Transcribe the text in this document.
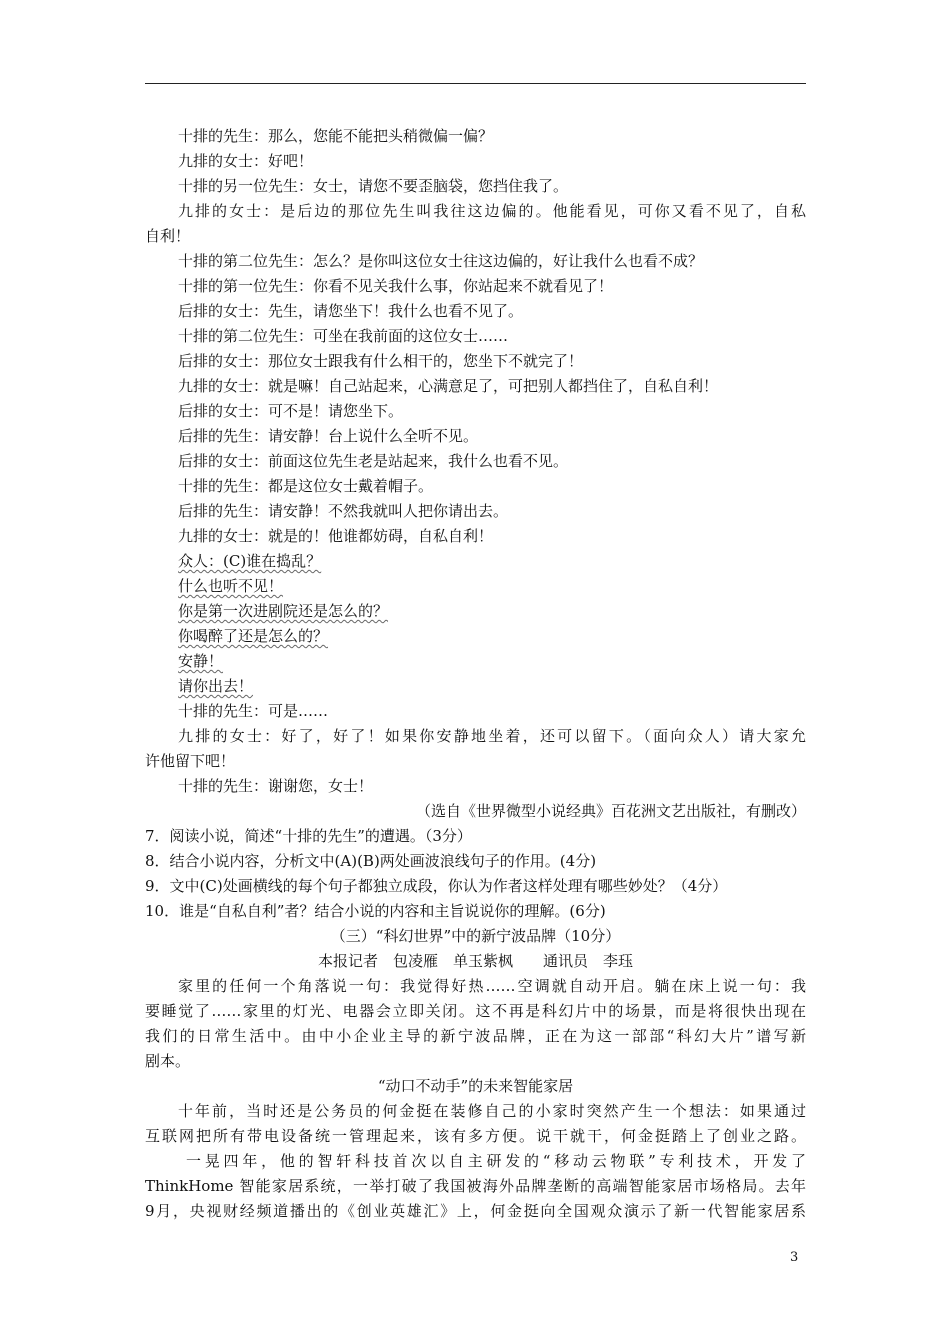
十排的先生：那么，您能不能把头稍微偏一偏？
九排的女士：好吧！
十排的另一位先生：女士，请您不要歪脑袋，您挡住我了。
九排的女士：是后边的那位先生叫我往这边偏的。他能看见，可你又看不见了，自私
自利！
十排的第二位先生：怎么？是你叫这位女士往这边偏的，好让我什么也看不成？
十排的第一位先生：你看不见关我什么事，你站起来不就看见了！
后排的女士：先生，请您坐下！我什么也看不见了。
十排的第二位先生：可坐在我前面的这位女士……
后排的女士：那位女士跟我有什么相干的，您坐下不就完了！
九排的女士：就是嘛！自己站起来，心满意足了，可把别人都挡住了，自私自利！
后排的女士：可不是！请您坐下。
后排的先生：请安静！台上说什么全听不见。
后排的女士：前面这位先生老是站起来，我什么也看不见。
十排的先生：都是这位女士戴着帽子。
后排的先生：请安静！不然我就叫人把你请出去。
九排的女士：就是的！他谁都妨碍，自私自利！
众人：(C)谁在捣乱？
什么也听不见！
你是第一次进剧院还是怎么的？
你喝醉了还是怎么的？
安静！
请你出去！
十排的先生：可是……
九排的女士：好了，好了！如果你安静地坐着，还可以留下。（面向众人）请大家允
许他留下吧！
十排的先生：谢谢您，女士！
（选自《世界微型小说经典》百花洲文艺出版社，有删改）
7．阅读小说，简述“十排的先生”的遭遇。（3分）
8．结合小说内容，分析文中(A)(B)两处画波浪线句子的作用。(4分)
9．文中(C)处画横线的每个句子都独立成段，你认为作者这样处理有哪些妙处？（4分）
10．谁是“自私自利”者？结合小说的内容和主旨说说你的理解。(6分)
（三）“科幻世界”中的新宁波品牌（10分）
本报记者　包凌雁　单玉紫枫　　通讯员　李珏
家里的任何一个角落说一句：我觉得好热……空调就自动开启。躺在床上说一句：我
要睡觉了……家里的灯光、电器会立即关闭。这不再是科幻片中的场景，而是将很快出现在
我们的日常生活中。由中小企业主导的新宁波品牌，正在为这一部部“科幻大片”谱写新
剧本。
“动口不动手”的未来智能家居
十年前，当时还是公务员的何金挺在装修自己的小家时突然产生一个想法：如果通过
互联网把所有带电设备统一管理起来，该有多方便。说干就干，何金挺踏上了创业之路。
一晃四年，他的智轩科技首次以自主研发的“移动云物联”专利技术，开发了
ThinkHome 智能家居系统，一举打破了我国被海外品牌垄断的高端智能家居市场格局。去年
9月，央视财经频道播出的《创业英雄汇》上，何金挺向全国观众演示了新一代智能家居系
3
